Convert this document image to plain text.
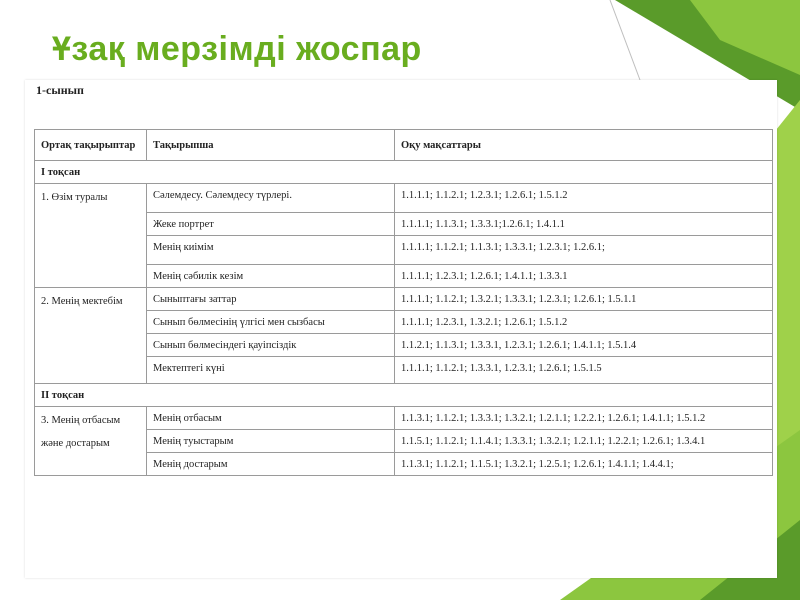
Ұзақ мерзімді жоспар
1-сынып
Ортақ тақырыптар	Тақырыпша	Оқу мақсаттары
І тоқсан		
1. Өзім туралы	Сәлемдесу. Сәлемдесу түрлері.	1.1.1.1; 1.1.2.1; 1.2.3.1; 1.2.6.1; 1.5.1.2
	Жеке портрет	1.1.1.1; 1.1.3.1; 1.3.3.1;1.2.6.1; 1.4.1.1
	Менің киімім	1.1.1.1; 1.1.2.1; 1.1.3.1; 1.3.3.1; 1.2.3.1; 1.2.6.1;
	Менің сәбилік кезім	1.1.1.1; 1.2.3.1; 1.2.6.1; 1.4.1.1; 1.3.3.1
2. Менің мектебім	Сыныптағы заттар	1.1.1.1; 1.1.2.1; 1.3.2.1; 1.3.3.1; 1.2.3.1; 1.2.6.1; 1.5.1.1
	Сынып бөлмесінің үлгісі мен сызбасы	1.1.1.1; 1.2.3.1, 1.3.2.1; 1.2.6.1; 1.5.1.2
	Сынып бөлмесіндегі қауіпсіздік	1.1.2.1; 1.1.3.1; 1.3.3.1, 1.2.3.1; 1.2.6.1; 1.4.1.1; 1.5.1.4
	Мектептегі күні	1.1.1.1; 1.1.2.1; 1.3.3.1, 1.2.3.1; 1.2.6.1; 1.5.1.5
ІІ тоқсан		
3. Менің отбасым және достарым	Менің отбасым	1.1.3.1; 1.1.2.1; 1.3.3.1; 1.3.2.1; 1.2.1.1; 1.2.2.1; 1.2.6.1; 1.4.1.1; 1.5.1.2
	Менің туыстарым	1.1.5.1; 1.1.2.1; 1.1.4.1; 1.3.3.1; 1.3.2.1; 1.2.1.1; 1.2.2.1; 1.2.6.1; 1.3.4.1
	Менің достарым	1.1.3.1; 1.1.2.1; 1.1.5.1; 1.3.2.1; 1.2.5.1; 1.2.6.1; 1.4.1.1; 1.4.4.1;
